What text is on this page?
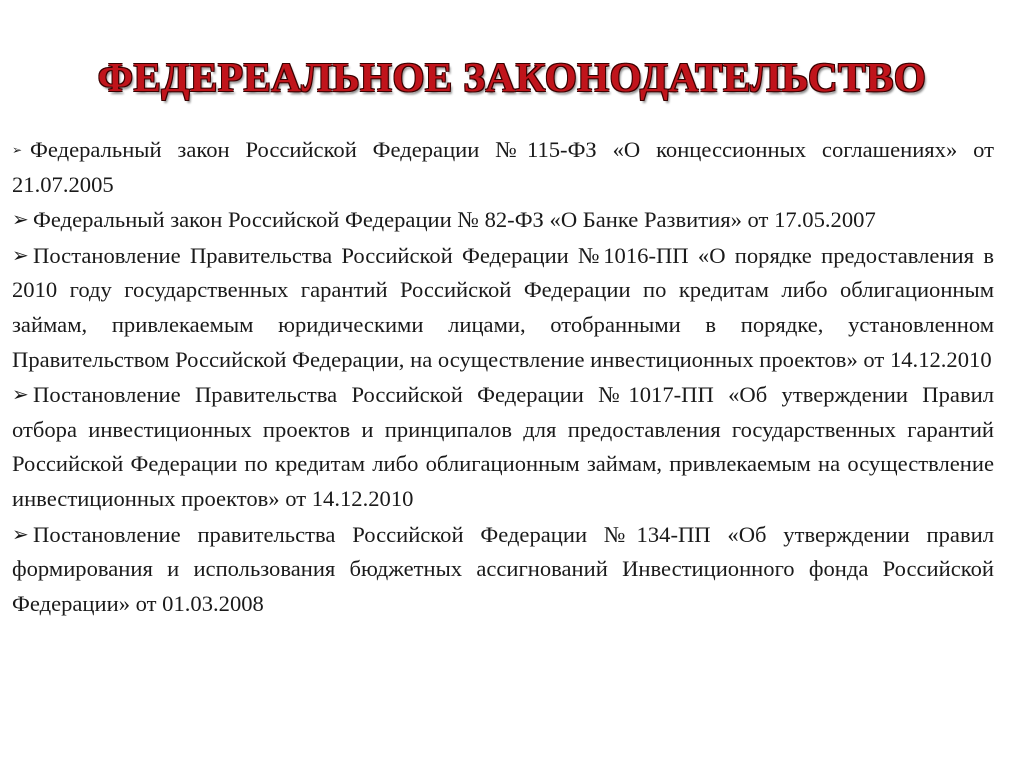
ФЕДЕРЕАЛЬНОЕ ЗАКОНОДАТЕЛЬСТВО
➢ Федеральный закон Российской Федерации №115-ФЗ «О концессионных соглашениях» от 21.07.2005
➢ Федеральный закон Российской Федерации № 82-ФЗ «О Банке Развития» от 17.05.2007
➢ Постановление Правительства Российской Федерации №1016-ПП «О порядке предоставления в 2010 году государственных гарантий Российской Федерации по кредитам либо облигационным займам, привлекаемым юридическими лицами, отобранными в порядке, установленном Правительством Российской Федерации, на осуществление инвестиционных проектов» от 14.12.2010
➢ Постановление Правительства Российской Федерации №1017-ПП «Об утверждении Правил отбора инвестиционных проектов и принципалов для предоставления государственных гарантий Российской Федерации по кредитам либо облигационным займам, привлекаемым на осуществление инвестиционных проектов» от 14.12.2010
➢ Постановление правительства Российской Федерации №134-ПП «Об утверждении правил формирования и использования бюджетных ассигнований Инвестиционного фонда Российской Федерации» от 01.03.2008
